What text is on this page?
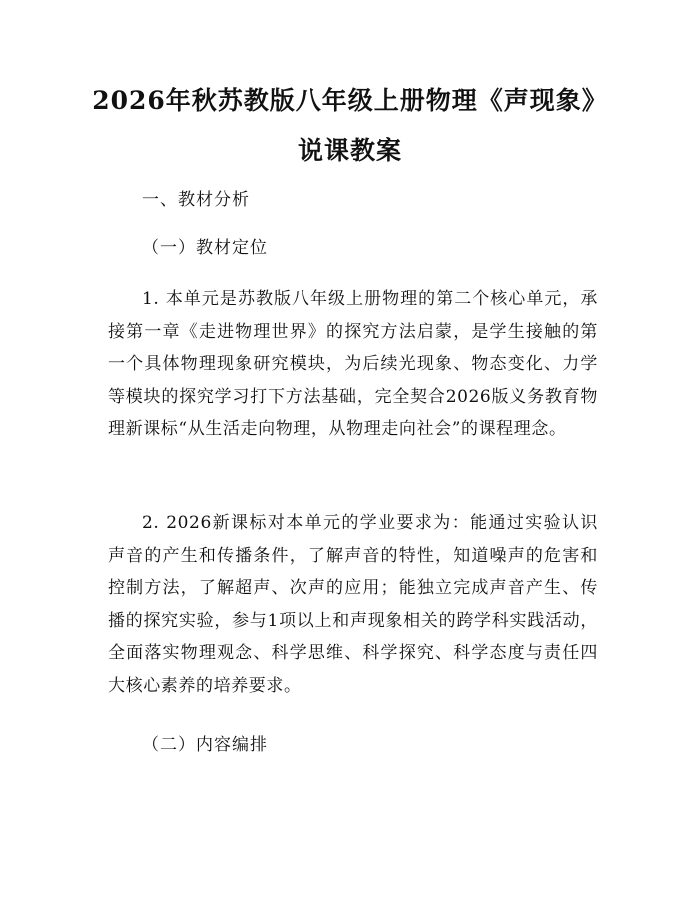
2026年秋苏教版八年级上册物理《声现象》
说课教案
一、教材分析
（一）教材定位

1. 本单元是苏教版八年级上册物理的第二个核心单元，承接第一章《走进物理世界》的探究方法启蒙，是学生接触的第一个具体物理现象研究模块，为后续光现象、物态变化、力学等模块的探究学习打下方法基础，完全契合2026版义务教育物理新课标“从生活走向物理，从物理走向社会”的课程理念。

2. 2026新课标对本单元的学业要求为：能通过实验认识声音的产生和传播条件，了解声音的特性，知道噪声的危害和控制方法，了解超声、次声的应用；能独立完成声音产生、传播的探究实验，参与1项以上和声现象相关的跨学科实践活动，全面落实物理观念、科学思维、科学探究、科学态度与责任四大核心素养的培养要求。

（二）内容编排
